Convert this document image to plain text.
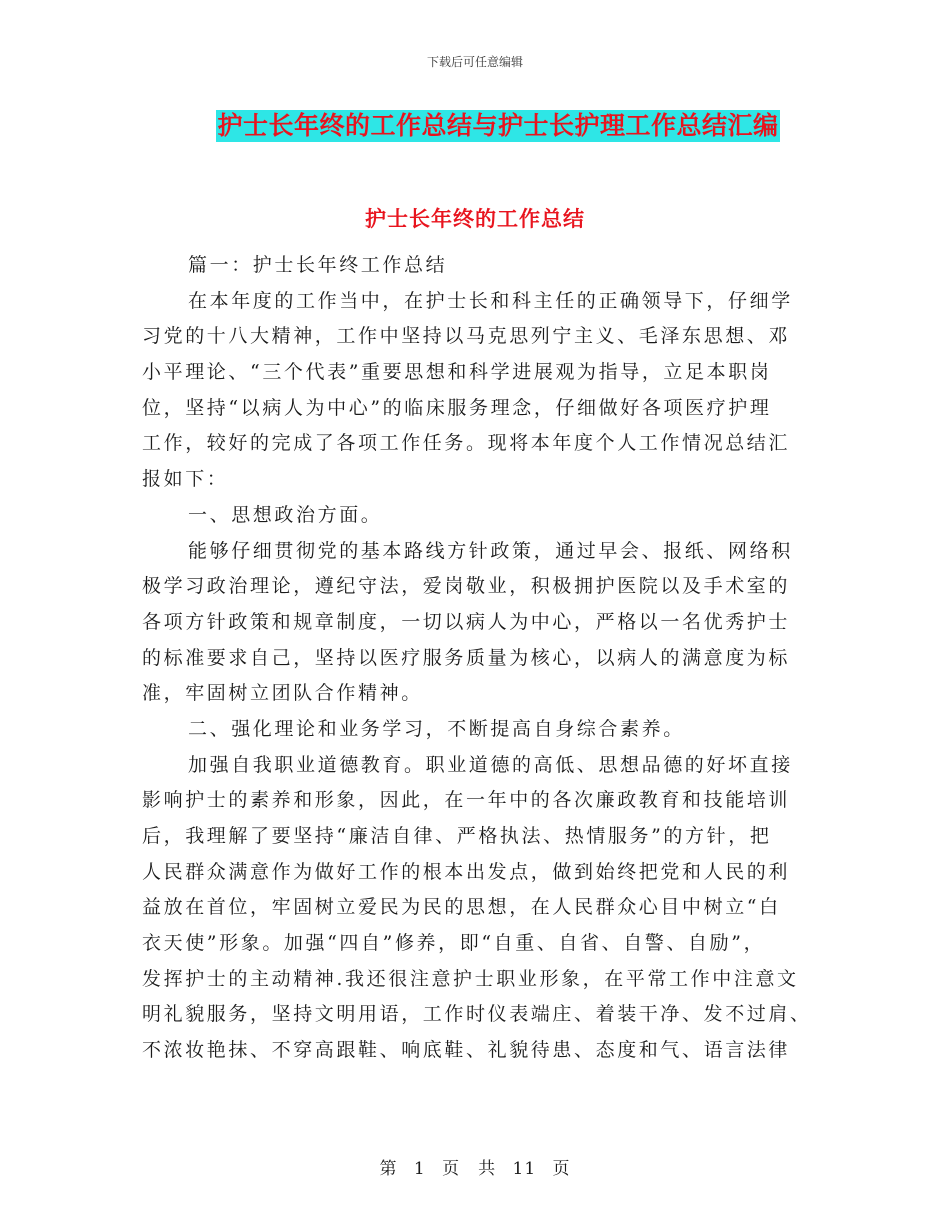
下载后可任意编辑
护士长年终的工作总结与护士长护理工作总结汇编
护士长年终的工作总结
篇一：护士长年终工作总结
在本年度的工作当中，在护士长和科主任的正确领导下，仔细学
习党的十八大精神，工作中坚持以马克思列宁主义、毛泽东思想、邓
小平理论、“三个代表”重要思想和科学进展观为指导，立足本职岗
位，坚持“以病人为中心”的临床服务理念，仔细做好各项医疗护理
工作，较好的完成了各项工作任务。现将本年度个人工作情况总结汇
报如下：
一、思想政治方面。
能够仔细贯彻党的基本路线方针政策，通过早会、报纸、网络积
极学习政治理论，遵纪守法，爱岗敬业，积极拥护医院以及手术室的
各项方针政策和规章制度，一切以病人为中心，严格以一名优秀护士
的标准要求自己，坚持以医疗服务质量为核心，以病人的满意度为标
准，牢固树立团队合作精神。
二、强化理论和业务学习，不断提高自身综合素养。
加强自我职业道德教育。职业道德的高低、思想品德的好坏直接
影响护士的素养和形象，因此，在一年中的各次廉政教育和技能培训
后，我理解了要坚持“廉洁自律、严格执法、热情服务”的方针，把
人民群众满意作为做好工作的根本出发点，做到始终把党和人民的利
益放在首位，牢固树立爱民为民的思想，在人民群众心目中树立“白
衣天使”形象。加强“四自”修养，即“自重、自省、自警、自励”，
发挥护士的主动精神.我还很注意护士职业形象，在平常工作中注意文
明礼貌服务，坚持文明用语，工作时仪表端庄、着装干净、发不过肩、
不浓妆艳抹、不穿高跟鞋、响底鞋、礼貌待患、态度和气、语言法律
第 1 页　共 11 页
